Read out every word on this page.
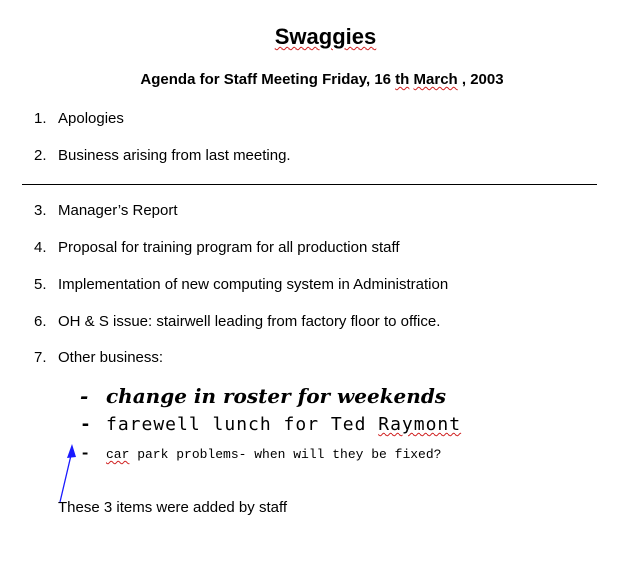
Swaggies
Agenda for Staff Meeting Friday, 16 th March , 2003
1. Apologies
2. Business arising from last meeting.
3. Manager’s Report
4. Proposal for training program for all production staff
5. Implementation of new computing system in Administration
6. OH & S issue: stairwell leading from factory floor to office.
7. Other business:
- change in roster for weekends
- farewell lunch for Ted Raymont
- car park problems- when will they be fixed?
These 3 items were added by staff
